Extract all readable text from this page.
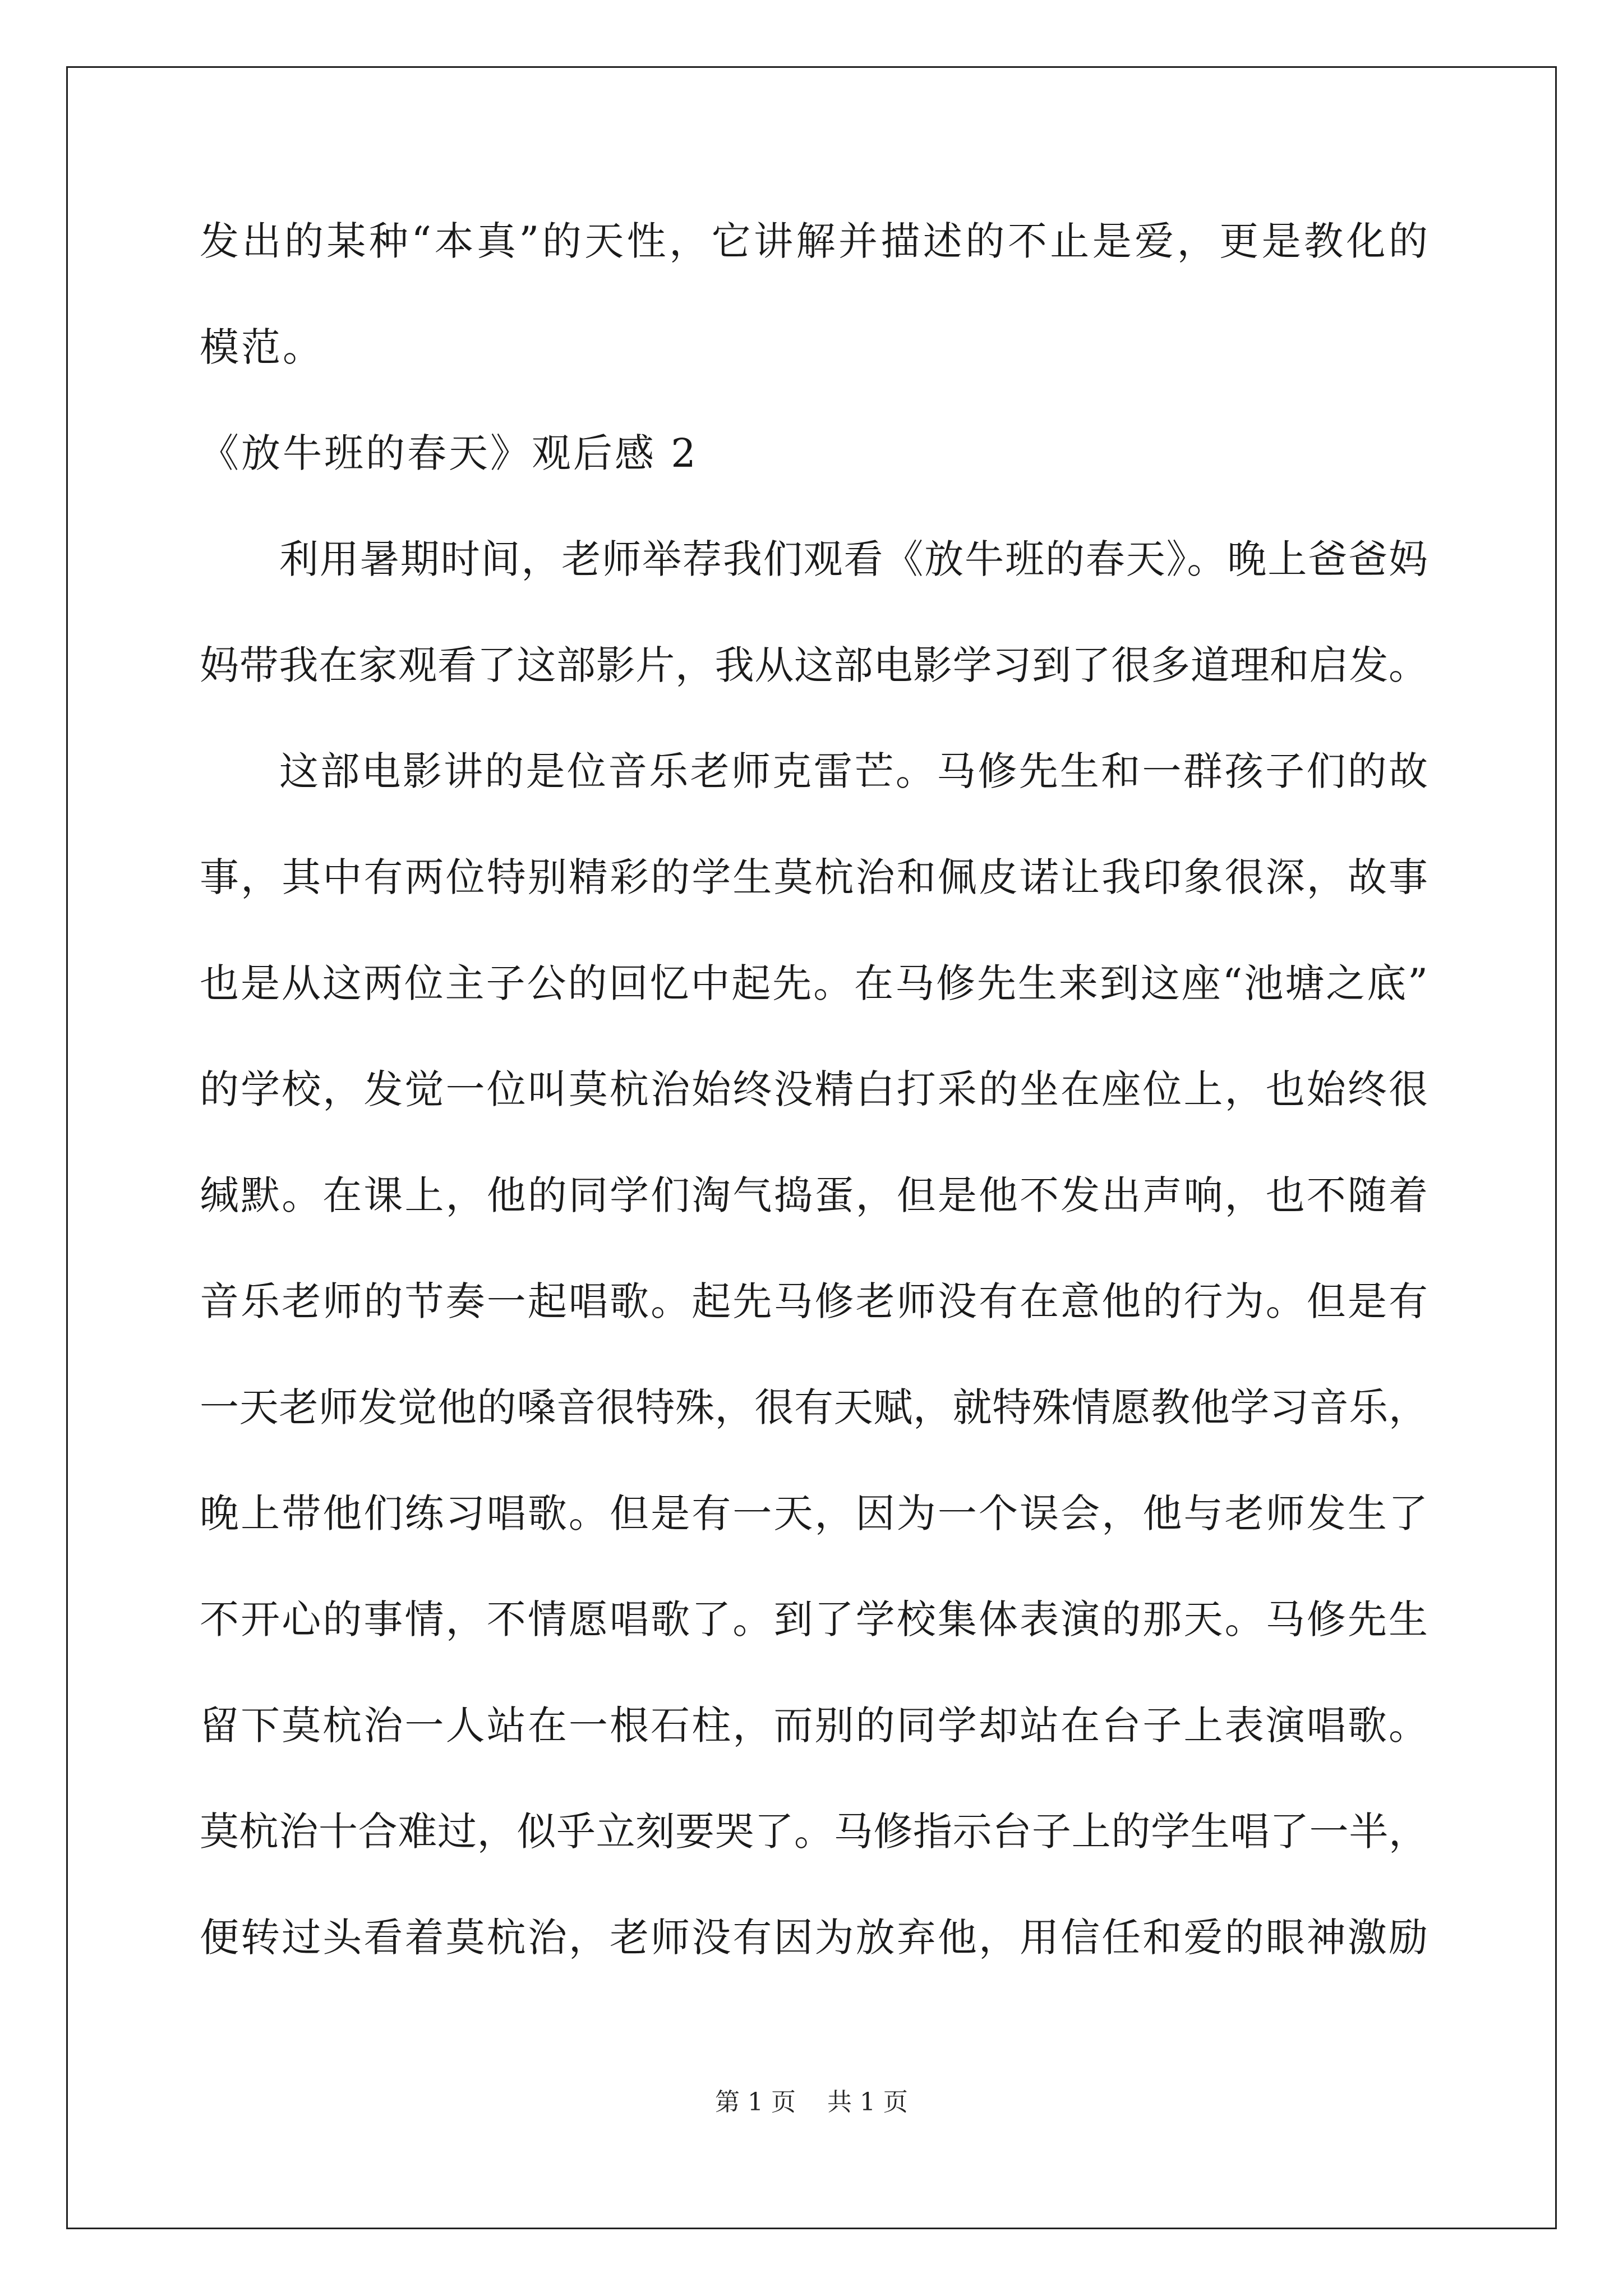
发出的某种“本真”的天性，它讲解并描述的不止是爱，更是教化的
模范。
《放牛班的春天》观后感 2
利用暑期时间，老师举荐我们观看《放牛班的春天》。晚上爸爸妈
妈带我在家观看了这部影片，我从这部电影学习到了很多道理和启发。
这部电影讲的是位音乐老师克雷芒。马修先生和一群孩子们的故
事，其中有两位特别精彩的学生莫杭治和佩皮诺让我印象很深，故事
也是从这两位主子公的回忆中起先。在马修先生来到这座“池塘之底”
的学校，发觉一位叫莫杭治始终没精白打采的坐在座位上，也始终很
缄默。在课上，他的同学们淘气捣蛋，但是他不发出声响，也不随着
音乐老师的节奏一起唱歌。起先马修老师没有在意他的行为。但是有
一天老师发觉他的嗓音很特殊，很有天赋，就特殊情愿教他学习音乐，
晚上带他们练习唱歌。但是有一天，因为一个误会，他与老师发生了
不开心的事情，不情愿唱歌了。到了学校集体表演的那天。马修先生
留下莫杭治一人站在一根石柱，而别的同学却站在台子上表演唱歌。
莫杭治十合难过，似乎立刻要哭了。马修指示台子上的学生唱了一半，
便转过头看着莫杭治，老师没有因为放弃他，用信任和爱的眼神激励
第 1 页 共 1 页
